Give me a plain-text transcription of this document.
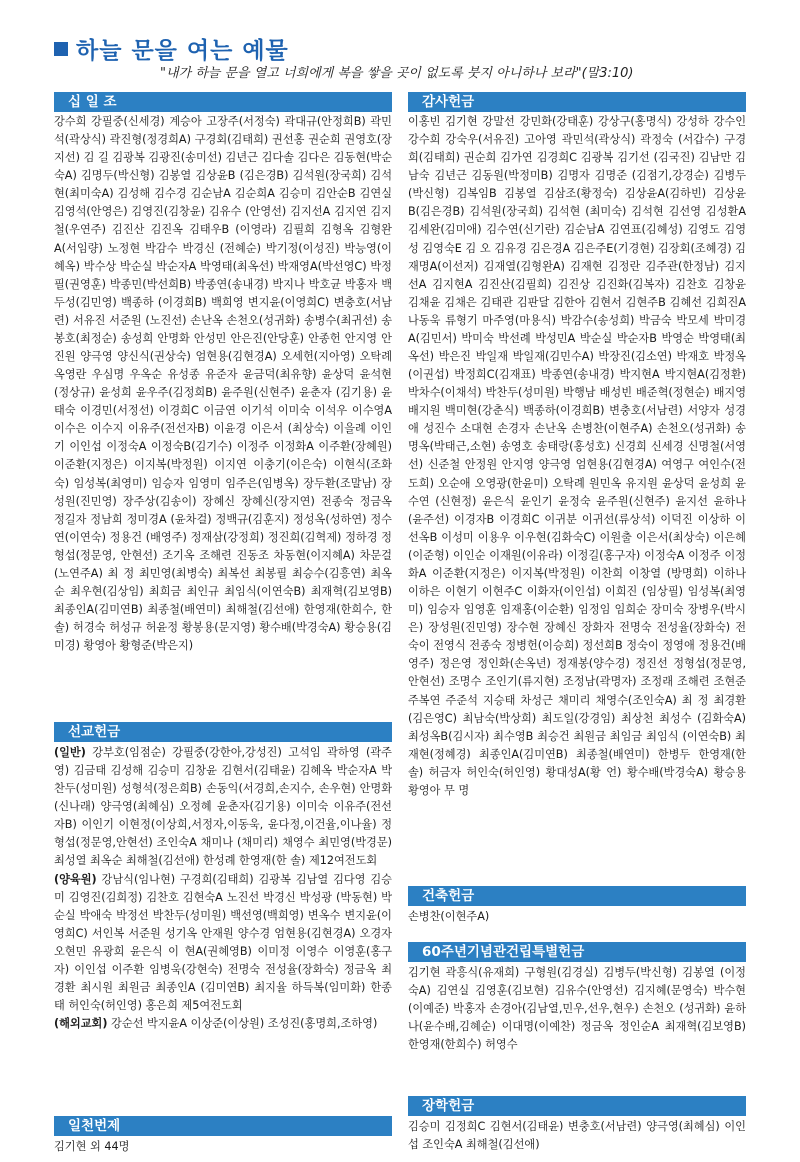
하늘 문을 여는 예물
"내가 하늘 문을 열고 너희에게 복을 쌓을 곳이 없도록 붓지 아니하나 보라"(말3:10)
십 일 조
강수희 강필중(신세경) 계승아 고장주(서정숙) 곽대규(안정희B) 곽민석(곽상식) 곽진형(정경희A) 구경회(김태희) 권선홍 권순희 권영호(장지선) 김 길 김광복 김광진(송미선) 김년근 김다솔 김다은 김동현(박순숙A) 김명두(박신형) 김봉열 김상윤B (김은경B) 김석원(장국희) 김석현(최미숙A) 김성해 김수경 김순남A 김순희A 김승미 김안순B 김연실 김영석(안영은) 김영진(김창윤) 김유수 (안영선) 김지선A 김지연 김지철(우연주) 김진산 김진옥 김태우B (이영라) 김필희 김형옥 김형완A(서임량) 노정현 박감수 박경신 (전혜순) 박기정(이성진) 박능영(이혜옥) 박수상 박순실 박순자A 박영태(최옥선) 박재영A(박선영C) 박정필(권영훈) 박종민(박선희B) 박종연(송내경) 박지나 박호균 박홍자 백두성(김민영) 백종하 (이경희B) 백희영 변지윤(이영희C) 변충호(서남련) 서유진 서준원 (노진선) 손난옥 손천오(성귀화) 송병수(최귀선) 송봉호(최정순) 송성희 안명화 안성민 안은진(안당훈) 안종헌 안지영 안진원 양극영 양신식(권상숙) 엄현용(김현경A) 오세헌(지아영) 오탁례 옥영란 우심명 우옥순 유성종 유준자 윤금덕(최유향) 윤상덕 윤석현(정상규) 윤성희 윤우주(김정희B) 윤주원(신현주) 윤춘자 (김기용) 윤태숙 이경민(서정선) 이경희C 이금연 이기석 이미숙 이석우 이수영A 이수은 이수지 이유주(전선자B) 이윤경 이은서 (최상숙) 이을례 이인기 이인섭 이정숙A 이정숙B(김기수) 이정주 이정화A 이주환(장혜원) 이준환(지정은) 이지복(박정원) 이지연 이충기(이은숙) 이현식(조화숙) 임성복(최영미) 임승자 임영미 임주은(임병옥) 장두환(조말남) 장성원(진민영) 장주상(김송이) 장혜신 장혜신(장지연) 전종숙 정금옥 정길자 정남희 정미경A (윤차걸) 정백규(김훈지) 정성옥(성하연) 정수연(이연숙) 정용건 (배영주) 정재삼(강정희) 정진희(김혁제) 정하경 정형섭(정문영, 안현선) 조기옥 조해련 진동조 차동현(이지혜A) 차문걸(노연주A) 최 정 최민영(최병숙) 최복선 최봉필 최승수(김흥연) 최옥순 최우현(김상임) 최희금 최인규 최임식(이연숙B) 최재혁(김보영B) 최종인A(김미연B) 최종철(배연미) 최해철(김선애) 한영재(한희수, 한 솔) 허경숙 허성규 허윤정 황봉용(문지영) 황수배(박경숙A) 황승용(김미경) 황영아 황형준(박은지)
선교헌금
(일반) 강부호(임점순) 강필중(강한아,강성진) 고석임 곽하영 (곽주영) 김금태 김성해 김승미 김창윤 김현서(김태윤) 김혜옥 박순자A 박찬두(성미원) 성형석(정은희B) 손동익(서경희,손지수, 손우현) 안명화(신나래) 양극영(최혜심) 오정혜 윤춘자(김기용) 이미숙 이유주(전선자B) 이인기 이현정(이상희,서정자,이동욱, 윤다정,이건율,이나율) 정형섭(정문영,안현선) 조인숙A 채미나 (채미리) 채영수 최민영(박경문) 최성열 최옥순 최해철(김선애) 한성례 한영재(한 솔) 제12여전도회
(양육원) 강남식(임나현) 구경희(김태희) 김광복 김남열 김다영 김승미 김영진(김희정) 김찬호 김현숙A 노진선 박경신 박성광 (박동현) 박순실 박애숙 박정선 박찬두(성미원) 백선영(백희영) 변옥수 변지윤(이영희C) 서인복 서준원 성기옥 안재원 양수경 엄현용(김현경A) 오경자 오현민 유광희 윤은식 이 현A(권혜영B) 이미정 이영수 이영훈(홍구자) 이인섭 이주환 임병욱(강현숙) 전명숙 전성율(장화숙) 정금옥 최경환 최시원 최원금 최종인A (김미연B) 최지율 하득복(임미화) 한종태 허인숙(허인영) 홍은희 제5여전도회
(해외교회) 강순선 박지윤A 이상준(이상원) 조성진(홍명희,조하영)
일천번제
김기현 외 44명
감사헌금
이홍빈 김기현 강말선 강민화(강태훈) 강상구(홍명식) 강성하 강수인 강수희 강숙우(서유진) 고아영 곽민석(곽상식) 곽정숙 (서갑수) 구경희(김태희) 권순희 김가연 김경희C 김광복 김기선 (김국진) 김남만 김남숙 김년근 김동원(박정미B) 김명자 김명준 (김점기,강경순) 김병두(박신형) 김복임B 김봉열 김삼조(황정숙) 김상윤A(김하빈) 김상윤B(김은경B) 김석원(장국희) 김석현 (최미숙) 김석현 김선영 김성환A 김세완(김미애) 김수연(신기란) 김순남A 김연표(김혜성) 김영도 김영성 김영숙E 김 오 김유경 김은경A 김은주E(기경현) 김장회(조혜경) 김재명A(이선저) 김재열(김형완A) 김재현 김정란 김주관(한정남) 김지선A 김지현A 김진산(김필희) 김진상 김진화(김복자) 김찬호 김창윤 김채윤 김채은 김태관 김판달 김한아 김현서 김현주B 김혜선 김희진A 나동욱 류형기 마주영(마용식) 박감수(송성희) 박금숙 박모세 박미경A(김민서) 박미숙 박선례 박성민A 박순실 박순자B 박영순 박영태(최옥선) 박은진 박일재 박일재(김민수A) 박장진(김소연) 박재호 박정옥(이권섭) 박정희C(김재표) 박종연(송내경) 박지현A 박지현A(김정환) 박차수(이채석) 박찬두(성미원) 박행남 배성빈 배준혁(정현순) 배지영 배지원 백미현(강춘식) 백종하(이경희B) 변충호(서남련) 서양자 성경애 성진수 소대현 손경자 손난옥 손병찬(이현주A) 손천오(성귀화) 송명옥(박태근,소현) 송영호 송태랑(홍성호) 신경희 신세경 신명철(서영선) 신준철 안정원 안지영 양극영 엄현용(김현경A) 여영구 여인수(전도희) 오순애 오영광(한윤미) 오탁례 원민옥 유지원 윤상덕 윤성희 윤수연 (신현정) 윤은식 윤인기 윤정숙 윤주원(신현주) 윤지선 윤하나 (윤주선) 이경자B 이경희C 이귀분 이귀선(류상석) 이덕진 이상하 이선옥B 이성미 이용우 이우현(김화숙C) 이원출 이은서(최상숙) 이은혜(이준형) 이인순 이재원(이유라) 이정길(홍구자) 이정숙A 이정주 이정화A 이준환(지정은) 이지복(박정원) 이찬희 이창열 (방명희) 이하나 이하은 이현기 이현주C 이화자(이인섭) 이희진 (임상필) 임성복(최영미) 임승자 임영훈 임재홍(이순환) 임정임 임희순 장미숙 장병우(박시은) 장성원(진민영) 장수현 장혜신 장화자 전명숙 전성율(장화숙) 전숙이 전영식 전종숙 정병헌(이승희) 정선희B 정숙이 정영애 정용건(배영주) 정은영 정인화(손옥년) 정재봉(양수경) 정진선 정형섭(정문영,안현선) 조명수 조인기(류지현) 조정남(곽명자) 조정래 조해련 조현준 주복연 주준석 지승태 차성근 채미리 채영수(조인숙A) 최 정 최경환(김은영C) 최남숙(박상희) 최도일(강경임) 최상천 최성수 (김화숙A) 최성옥B(김시자) 최수영B 최승건 최원금 최임금 최임식 (이연숙B) 최재현(정혜경) 최종인A(김미연B) 최종철(배연미) 한병두 한영재(한 솔) 허금자 허인숙(허인영) 황대성A(황 언) 황수배(박경숙A) 황승용 황영아 무 명
건축헌금
손병찬(이현주A)
60주년기념관건립특별헌금
김기현 곽흥식(유재희) 구형원(김경실) 김병두(박신형) 김봉열 (이정숙A) 김연실 김영훈(김보현) 김유수(안영선) 김지혜(문영숙) 박수현(이예준) 박홍자 손경아(김남열,민우,선우,현우) 손천오 (성귀화) 윤하나(윤수배,김혜순) 이대명(이예찬) 정금옥 정인순A 최재혁(김보영B) 한영재(한희수) 허영수
장학헌금
김승미 김정희C 김현서(김태윤) 변충호(서남련) 양극영(최혜심) 이인섭 조인숙A 최해철(김선애)
